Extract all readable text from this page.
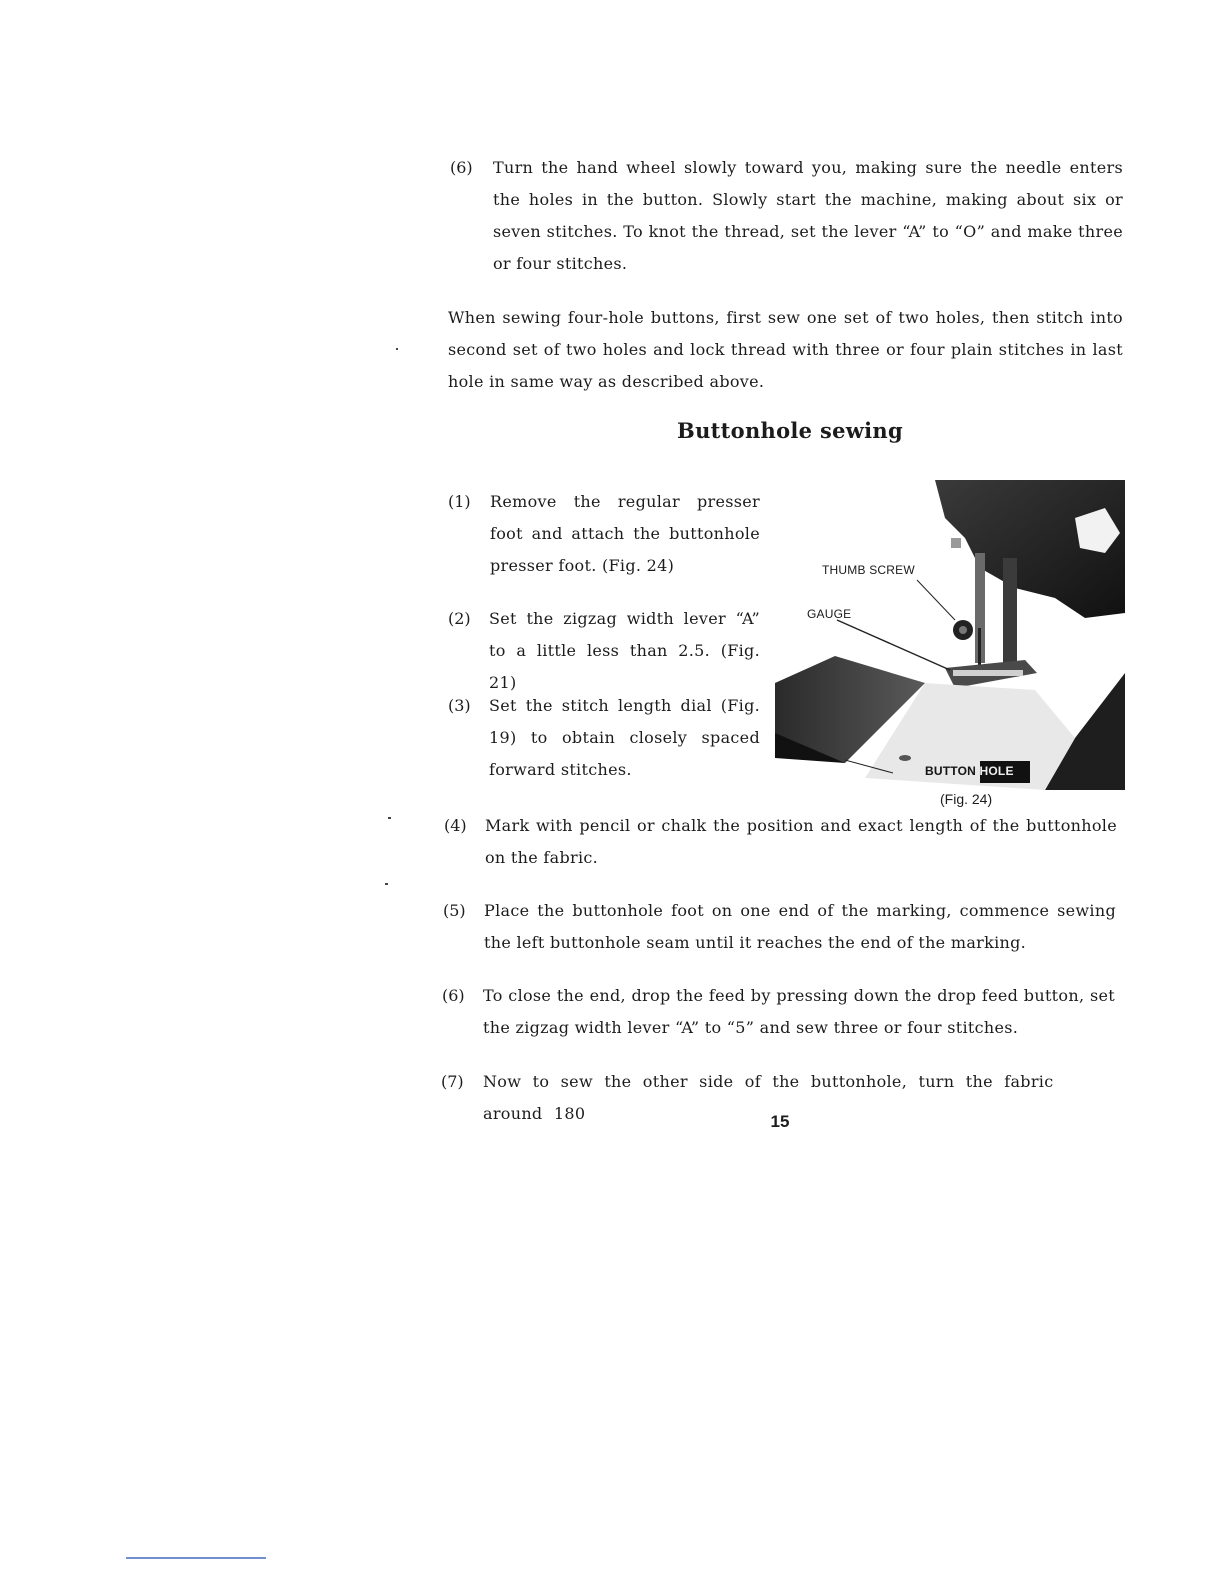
(6) Turn the hand wheel slowly toward you, making sure the needle enters the holes in the button. Slowly start the machine, making about six or seven stitches. To knot the thread, set the lever “A” to “O” and make three or four stitches.
When sewing four-hole buttons, first sew one set of two holes, then stitch into second set of two holes and lock thread with three or four plain stitches in last hole in same way as described above.
Buttonhole sewing
(1) Remove the regular presser foot and attach the buttonhole presser foot. (Fig. 24)
(2) Set the zigzag width lever “A” to a little less than 2.5. (Fig. 21)
(3) Set the stitch length dial (Fig. 19) to obtain closely spaced forward stitches.
THUMB SCREW
GAUGE
BUTTON HOLE
(Fig. 24)
(4) Mark with pencil or chalk the position and exact length of the buttonhole on the fabric.
(5) Place the buttonhole foot on one end of the marking, commence sewing the left buttonhole seam until it reaches the end of the marking.
(6) To close the end, drop the feed by pressing down the drop feed button, set the zigzag width lever “A” to “5” and sew three or four stitches.
(7) Now to sew the other side of the buttonhole, turn the fabric around 180	15
